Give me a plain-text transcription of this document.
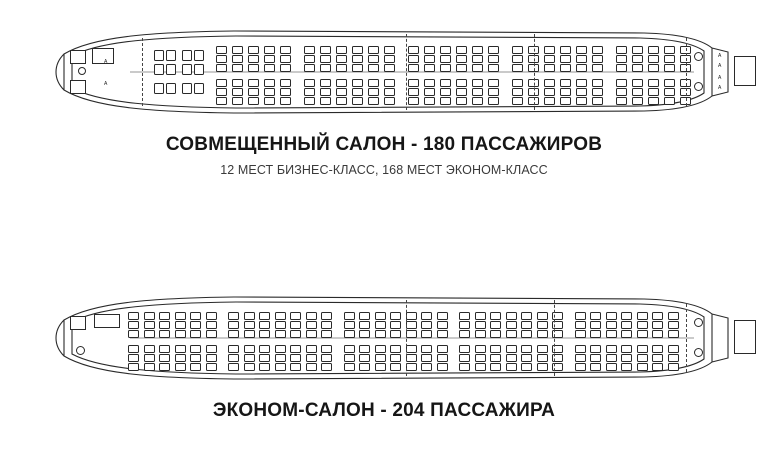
A
A
A
A
A
A
СОВМЕЩЕННЫЙ САЛОН - 180 ПАССАЖИРОВ
12 МЕСТ БИЗНЕС-КЛАСС, 168 МЕСТ ЭКОНОМ-КЛАСС
ЭКОНОМ-САЛОН - 204 ПАССАЖИРА
